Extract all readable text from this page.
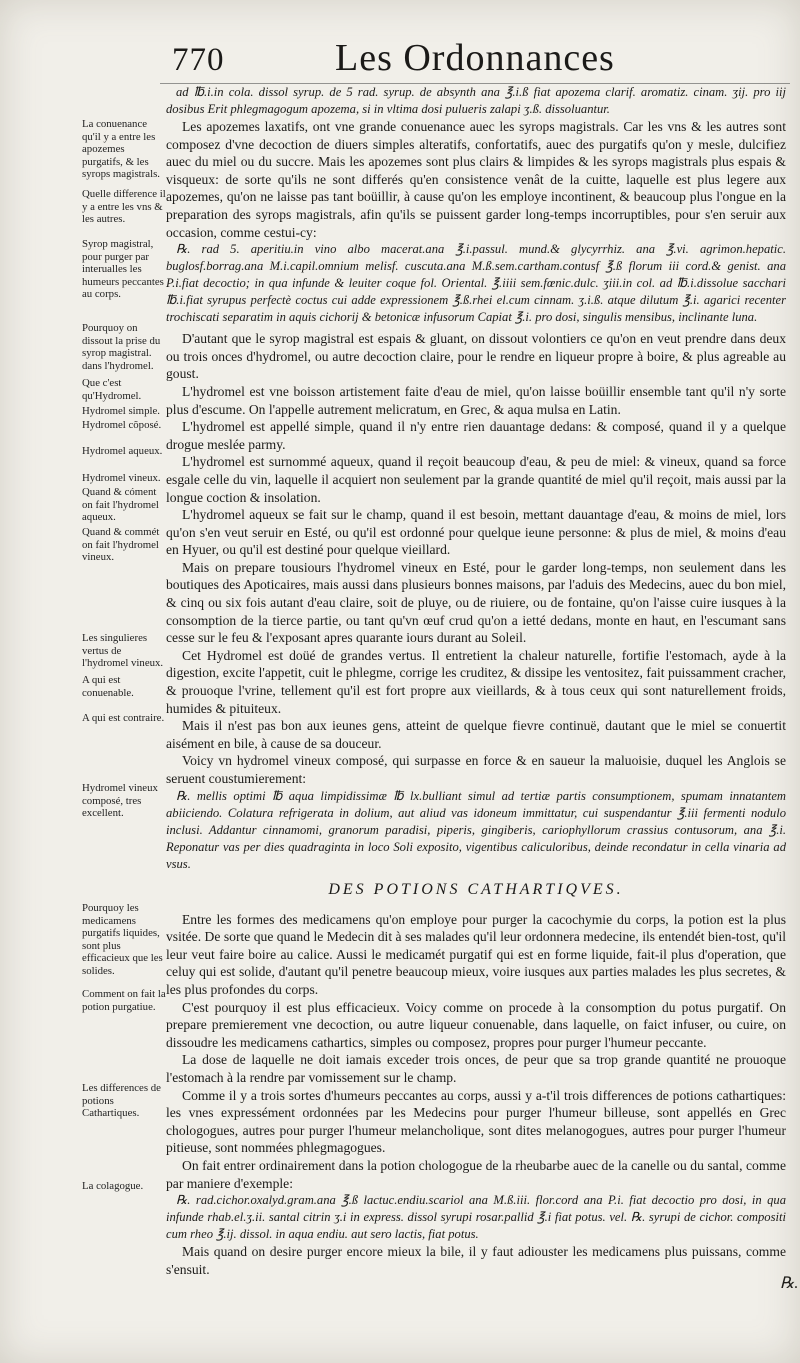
770	Les Ordonnances

ad ℔.i.in cola. dissol syrup. de 5 rad. syrup. de absynth ana ℥.i.ß fiat apozema clarif. aromatiz. cinam. ʒij. pro iij dosibus Erit phlegmagogum apozema, si in vltima dosi pulueris zalapi ʒ.ß. dissoluantur.

Les apozemes laxatifs, ont vne grande conuenance auec les syrops magistrals. Car les vns & les autres sont composez d'vne decoction de diuers simples alteratifs, confortatifs, auec des purgatifs qu'on y mesle, dulcifiez auec du miel ou du succre. Mais les apozemes sont plus clairs & limpides & les syrops magistrals plus espais & visqueux: de sorte qu'ils ne sont differés qu'en consistence venât de la cuitte, laquelle est plus legere aux apozemes, qu'on ne laisse pas tant boüillir, à cause qu'on les employe incontinent, & beaucoup plus l'ongue en la preparation des syrops magistrals, afin qu'ils se puissent garder long-temps incorruptibles, pour s'en seruir aux occasion, comme cestui-cy:

℞. rad 5. aperitiu.in vino albo macerat.ana ℥.i.passul. mund.& glycyrrhiz. ana ℥.vi. agrimon.hepatic. buglosf.borrag.ana M.i.capil.omnium melisf. cuscuta.ana M.ß.sem.cartham.contusf ℥.ß florum iii cord.& genist. ana P.i.fiat decoctio; in qua infunde & leuiter coque fol. Oriental. ℥.iiii sem.fœnic.dulc. ʒiii.in col. ad ℔.i.dissolue sacchari ℔.i.fiat syrupus perfectè coctus cui adde expressionem ℥.ß.rhei el.cum cinnam. ʒ.i.ß. atque dilutum ℥.i. agarici recenter trochiscati separatim in aquis cichorij & betonicæ infusorum Capiat ℥.i. pro dosi, singulis mensibus, inclinante luna.

D'autant que le syrop magistral est espais & gluant, on dissout volontiers ce qu'on en veut prendre dans deux ou trois onces d'hydromel, ou autre decoction claire, pour le rendre en liqueur propre à boire, & plus agreable au goust.

L'hydromel est vne boisson artistement faite d'eau de miel, qu'on laisse boüillir ensemble tant qu'il n'y sorte plus d'escume. On l'appelle autrement melicratum, en Grec, & aqua mulsa en Latin.

L'hydromel est appellé simple, quand il n'y entre rien dauantage dedans: & composé, quand il y a quelque drogue meslée parmy.

L'hydromel est surnommé aqueux, quand il reçoit beaucoup d'eau, & peu de miel: & vineux, quand sa force esgale celle du vin, laquelle il acquiert non seulement par la grande quantité de miel qu'il reçoit, mais aussi par la longue coction & insolation.

L'hydromel aqueux se fait sur le champ, quand il est besoin, mettant dauantage d'eau, & moins de miel, lors qu'on s'en veut seruir en Esté, ou qu'il est ordonné pour quelque ieune personne: & plus de miel, & moins d'eau en Hyuer, ou qu'il est destiné pour quelque vieillard.

Mais on prepare tousiours l'hydromel vineux en Esté, pour le garder long-temps, non seulement dans les boutiques des Apoticaires, mais aussi dans plusieurs bonnes maisons, par l'aduis des Medecins, auec du bon miel, & cinq ou six fois autant d'eau claire, soit de pluye, ou de riuiere, ou de fontaine, qu'on l'aisse cuire iusques à la consomption de la tierce partie, ou tant qu'vn œuf crud qu'on a ietté dedans, monte en haut, en l'escumant sans cesse sur le feu & l'exposant apres quarante iours durant au Soleil.

Cet Hydromel est doüé de grandes vertus. Il entretient la chaleur naturelle, fortifie l'estomach, ayde à la digestion, excite l'appetit, cuit le phlegme, corrige les cruditez, & dissipe les ventositez, fait puissamment cracher, & prouoque l'vrine, tellement qu'il est fort propre aux vieillards, & à tous ceux qui sont naturellement froids, humides & pituiteux.

Mais il n'est pas bon aux ieunes gens, atteint de quelque fievre continuë, dautant que le miel se conuertit aisément en bile, à cause de sa douceur.

Voicy vn hydromel vineux composé, qui surpasse en force & en saueur la maluoisie, duquel les Anglois se seruent coustumierement:

℞. mellis optimi ℔ aqua limpidissimæ ℔ lx.bulliant simul ad tertiæ partis consumptionem, spumam innatantem abiiciendo. Colatura refrigerata in dolium, aut aliud vas idoneum immittatur, cui suspendantur ℥.iii fermenti nodulo inclusi. Addantur cinnamomi, granorum paradisi, piperis, gingiberis, cariophyllorum crassius contusorum, ana ℥.i. Reponatur vas per dies quadraginta in loco Soli exposito, vigentibus caliculoribus, deinde recondatur in cella vinaria ad vsus.

DES POTIONS CATHARTIQVES.

Entre les formes des medicamens qu'on employe pour purger la cacochymie du corps, la potion est la plus vsitée. De sorte que quand le Medecin dit à ses malades qu'il leur ordonnera medecine, ils entendét bien-tost, qu'il leur veut faire boire au calice. Aussi le medicamét purgatif qui est en forme liquide, fait-il plus d'operation, que celuy qui est solide, d'autant qu'il penetre beaucoup mieux, voire iusques aux parties malades les plus secretes, & les plus profondes du corps.

C'est pourquoy il est plus efficacieux. Voicy comme on procede à la consomption du potus purgatif. On prepare premierement vne decoction, ou autre liqueur conuenable, dans laquelle, on faict infuser, ou cuire, on dissoudre les medicamens cathartics, simples ou composez, propres pour purger l'humeur peccante.

La dose de laquelle ne doit iamais exceder trois onces, de peur que sa trop grande quantité ne prouoque l'estomach à la rendre par vomissement sur le champ.

Comme il y a trois sortes d'humeurs peccantes au corps, aussi y a-t'il trois differences de potions cathartiques: les vnes expressément ordonnées par les Medecins pour purger l'humeur billeuse, sont appellés en Grec chologogues, autres pour purger l'humeur melancholique, sont dites melanogogues, autres pour purger l'humeur pitieuse, sont nommées phlegmagogues.

On fait entrer ordinairement dans la potion chologogue de la rheubarbe auec de la canelle ou du santal, comme par maniere d'exemple:

℞. rad.cichor.oxalyd.gram.ana ℥.ß lactuc.endiu.scariol ana M.ß.iii. flor.cord ana P.i. fiat decoctio pro dosi, in qua infunde rhab.el.ʒ.ii. santal citrin ʒ.i in express. dissol syrupi rosar.pallid ℥.i fiat potus. vel. ℞. syrupi de cichor. compositi cum rheo ℥.ij. dissol. in aqua endiu. aut sero lactis, fiat potus.

Mais quand on desire purger encore mieux la bile, il y faut adiouster les medicamens plus puissans, comme s'ensuit.

La conuenance qu'il y a entre les apozemes purgatifs, & les syrops magistrals.
Quelle difference il y a entre les vns & les autres.
Syrop magistral, pour purger par interualles les humeurs peccantes au corps.
Pourquoy on dissout la prise du syrop magistral. dans l'hydromel.
Que c'est qu'Hydromel.
Hydromel simple.
Hydromel cõposé.
Hydromel aqueux.
Hydromel vineux.
Quand & cóment on fait l'hydromel aqueux.
Quand & commét on fait l'hydromel vineux.
Les singulieres vertus de l'hydromel vineux.
A qui est conuenable.
A qui est contraire.
Hydromel vineux composé, tres excellent.
Pourquoy les medicamens purgatifs liquides, sont plus efficacieux que les solides.
Comment on fait la potion purgatiue.
Les differences de potions Cathartiques.
La colagogue.
℞.
